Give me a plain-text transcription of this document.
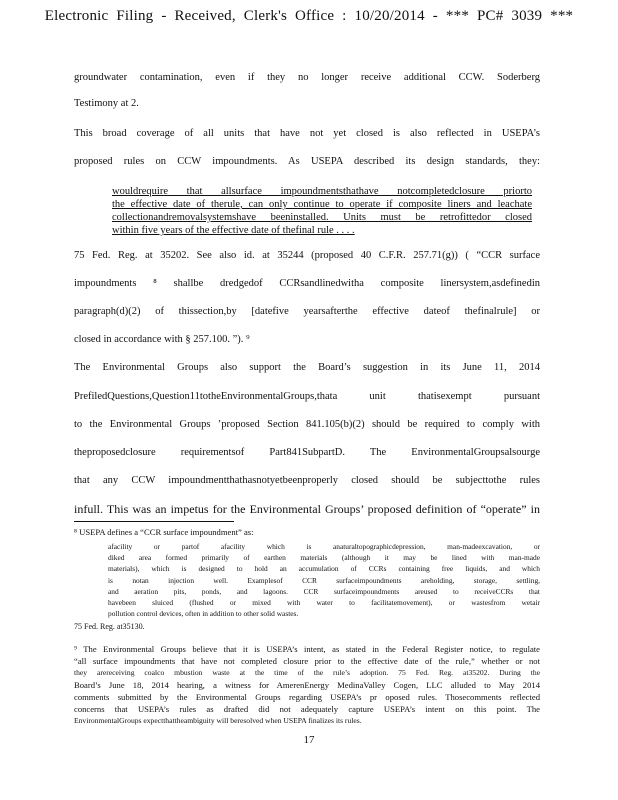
Electronic Filing - Received, Clerk's Office : 10/20/2014 - *** PC# 3039 ***
groundwater contamination, even if they no longer receive additional CCW. Soderberg
Testimony at 2.
This broad coverage of all units that have not yet closed is also reflected in USEPA’s
proposed rules on CCW impoundments. As USEPA described its design standards, they:
wouldrequire that allsurface impoundmentsthathave notcompletedclosure priorto
the effective date of therule, can only continue to operate if composite liners and leachate
collectionandremovalsystemshave beeninstalled. Units must be retrofittedor closed
within five years of the effective date of thefinal rule . . . .
75 Fed. Reg. at 35202. See also id. at 35244 (proposed 40 C.F.R. 257.71(g)) ( “CCR surface
impoundments ⁸ shallbe dredgedof CCRsandlinedwitha composite linersystem,asdefinedin
paragraph(d)(2) of thissection,by [datefive yearsafterthe effective dateof thefinalrule] or
closed in accordance with § 257.100. ”). ⁹
The Environmental Groups also support the Board’s suggestion in its June 11, 2014
PrefiledQuestions,Question11totheEnvironmentalGroups,thata unit thatisexempt pursuant
to the Environmental Groups ’proposed Section 841.105(b)(2) should be required to comply with
theproposedclosure requirementsof Part841SubpartD. The EnvironmentalGroupsalsourge
that any CCW impoundmentthathasnotyetbeenproperly closed should be subjecttothe rules
infull. This was an impetus for the Environmental Groups’ proposed definition of “operate” in
⁸ USEPA defines a “CCR surface impoundment” as:
afacility or partof afacility which is anaturaltopographicdepression, man-madeexcavation, or
diked area formed primarily of earthen materials (although it may be lined with man-made
materials), which is designed to hold an accumulation of CCRs containing free liquids, and which
is notan injection well. Examplesof CCR surfaceimpoundments areholding, storage, settling,
and aeration pits, ponds, and lagoons. CCR surfaceimpoundments areused to receiveCCRs that
havebeen sluiced (flushed or mixed with water to facilitatemovement), or wastesfrom wetair
pollution control devices, often in addition to other solid wastes.
75 Fed. Reg. at35130.
⁹ The Environmental Groups believe that it is USEPA’s intent, as stated in the Federal Register notice, to regulate
“all surface impoundments that have not completed closure prior to the effective date of the rule,” whether or not
they arereceiving coalco mbustion waste at the time of the rule’s adoption. 75 Fed. Reg. at35202. During the
Board’s June 18, 2014 hearing, a witness for AmerenEnergy MedinaValley Cogen, LLC alluded to May 2014
comments submitted by the Environmental Groups regarding USEPA’s pr oposed rules. Thosecomments reflected
concerns that USEPA’s rules as drafted did not adequately capture USEPA’s intent on this point. The
EnvironmentalGroups expectthattheambiguity will beresolved when USEPA finalizes its rules.
17
